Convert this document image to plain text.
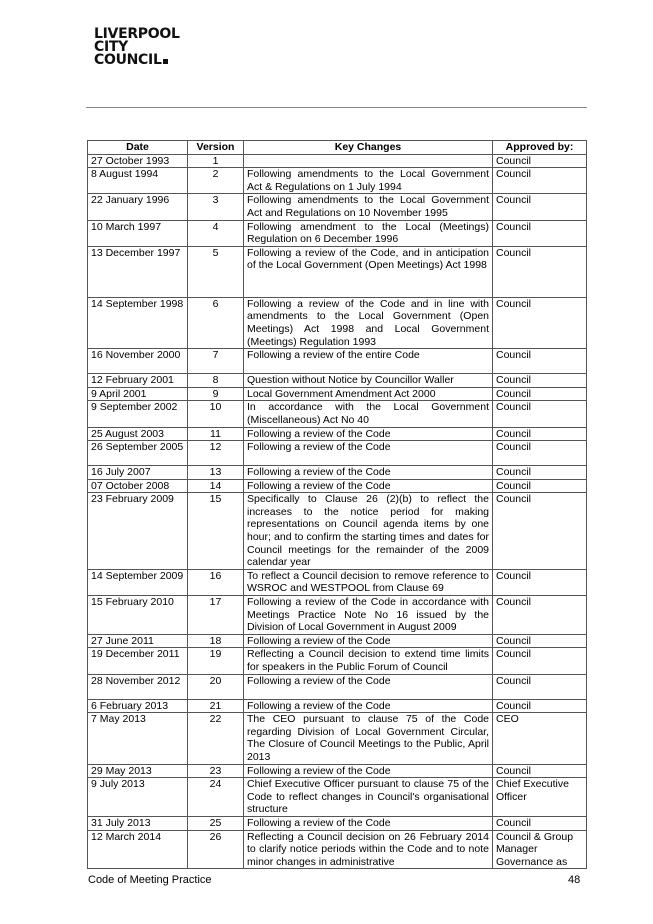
LIVERPOOL
CITY
COUNCIL
Date	Version	Key Changes	Approved by:
27 October 1993	1		Council
8 August 1994	2	Following amendments to the Local Government Act & Regulations on 1 July 1994	Council
22 January 1996	3	Following amendments to the Local Government Act and Regulations on 10 November 1995	Council
10 March 1997	4	Following amendment to the Local (Meetings) Regulation on 6 December 1996	Council
13 December 1997	5	Following a review of the Code, and in anticipation of the Local Government (Open Meetings) Act 1998	Council
14 September 1998	6	Following a review of the Code and in line with amendments to the Local Government (Open Meetings) Act 1998 and Local Government (Meetings) Regulation 1993	Council
16 November 2000	7	Following a review of the entire Code	Council
12 February 2001	8	Question without Notice by Councillor Waller	Council
9 April 2001	9	Local Government Amendment Act 2000	Council
9 September 2002	10	In accordance with the Local Government (Miscellaneous) Act No 40	Council
25 August 2003	11	Following a review of the Code	Council
26 September 2005	12	Following a review of the Code	Council
16 July 2007	13	Following a review of the Code	Council
07 October 2008	14	Following a review of the Code	Council
23 February 2009	15	Specifically to Clause 26 (2)(b) to reflect the increases to the notice period for making representations on Council agenda items by one hour; and to confirm the starting times and dates for Council meetings for the remainder of the 2009 calendar year	Council
14 September 2009	16	To reflect a Council decision to remove reference to WSROC and WESTPOOL from Clause 69	Council
15 February 2010	17	Following a review of the Code in accordance with Meetings Practice Note No 16 issued by the Division of Local Government in August 2009	Council
27 June 2011	18	Following a review of the Code	Council
19 December 2011	19	Reflecting a Council decision to extend time limits for speakers in the Public Forum of Council	Council
28 November 2012	20	Following a review of the Code	Council
6 February 2013	21	Following a review of the Code	Council
7 May 2013	22	The CEO pursuant to clause 75 of the Code regarding Division of Local Government Circular, The Closure of Council Meetings to the Public, April 2013	CEO
29 May 2013	23	Following a review of the Code	Council
9 July 2013	24	Chief Executive Officer pursuant to clause 75 of the Code to reflect changes in Council's organisational structure	Chief Executive Officer
31 July 2013	25	Following a review of the Code	Council
12 March 2014	26	Reflecting a Council decision on 26 February 2014 to clarify notice periods within the Code and to note minor changes in administrative	Council & Group Manager Governance as
Code of Meeting Practice	48
